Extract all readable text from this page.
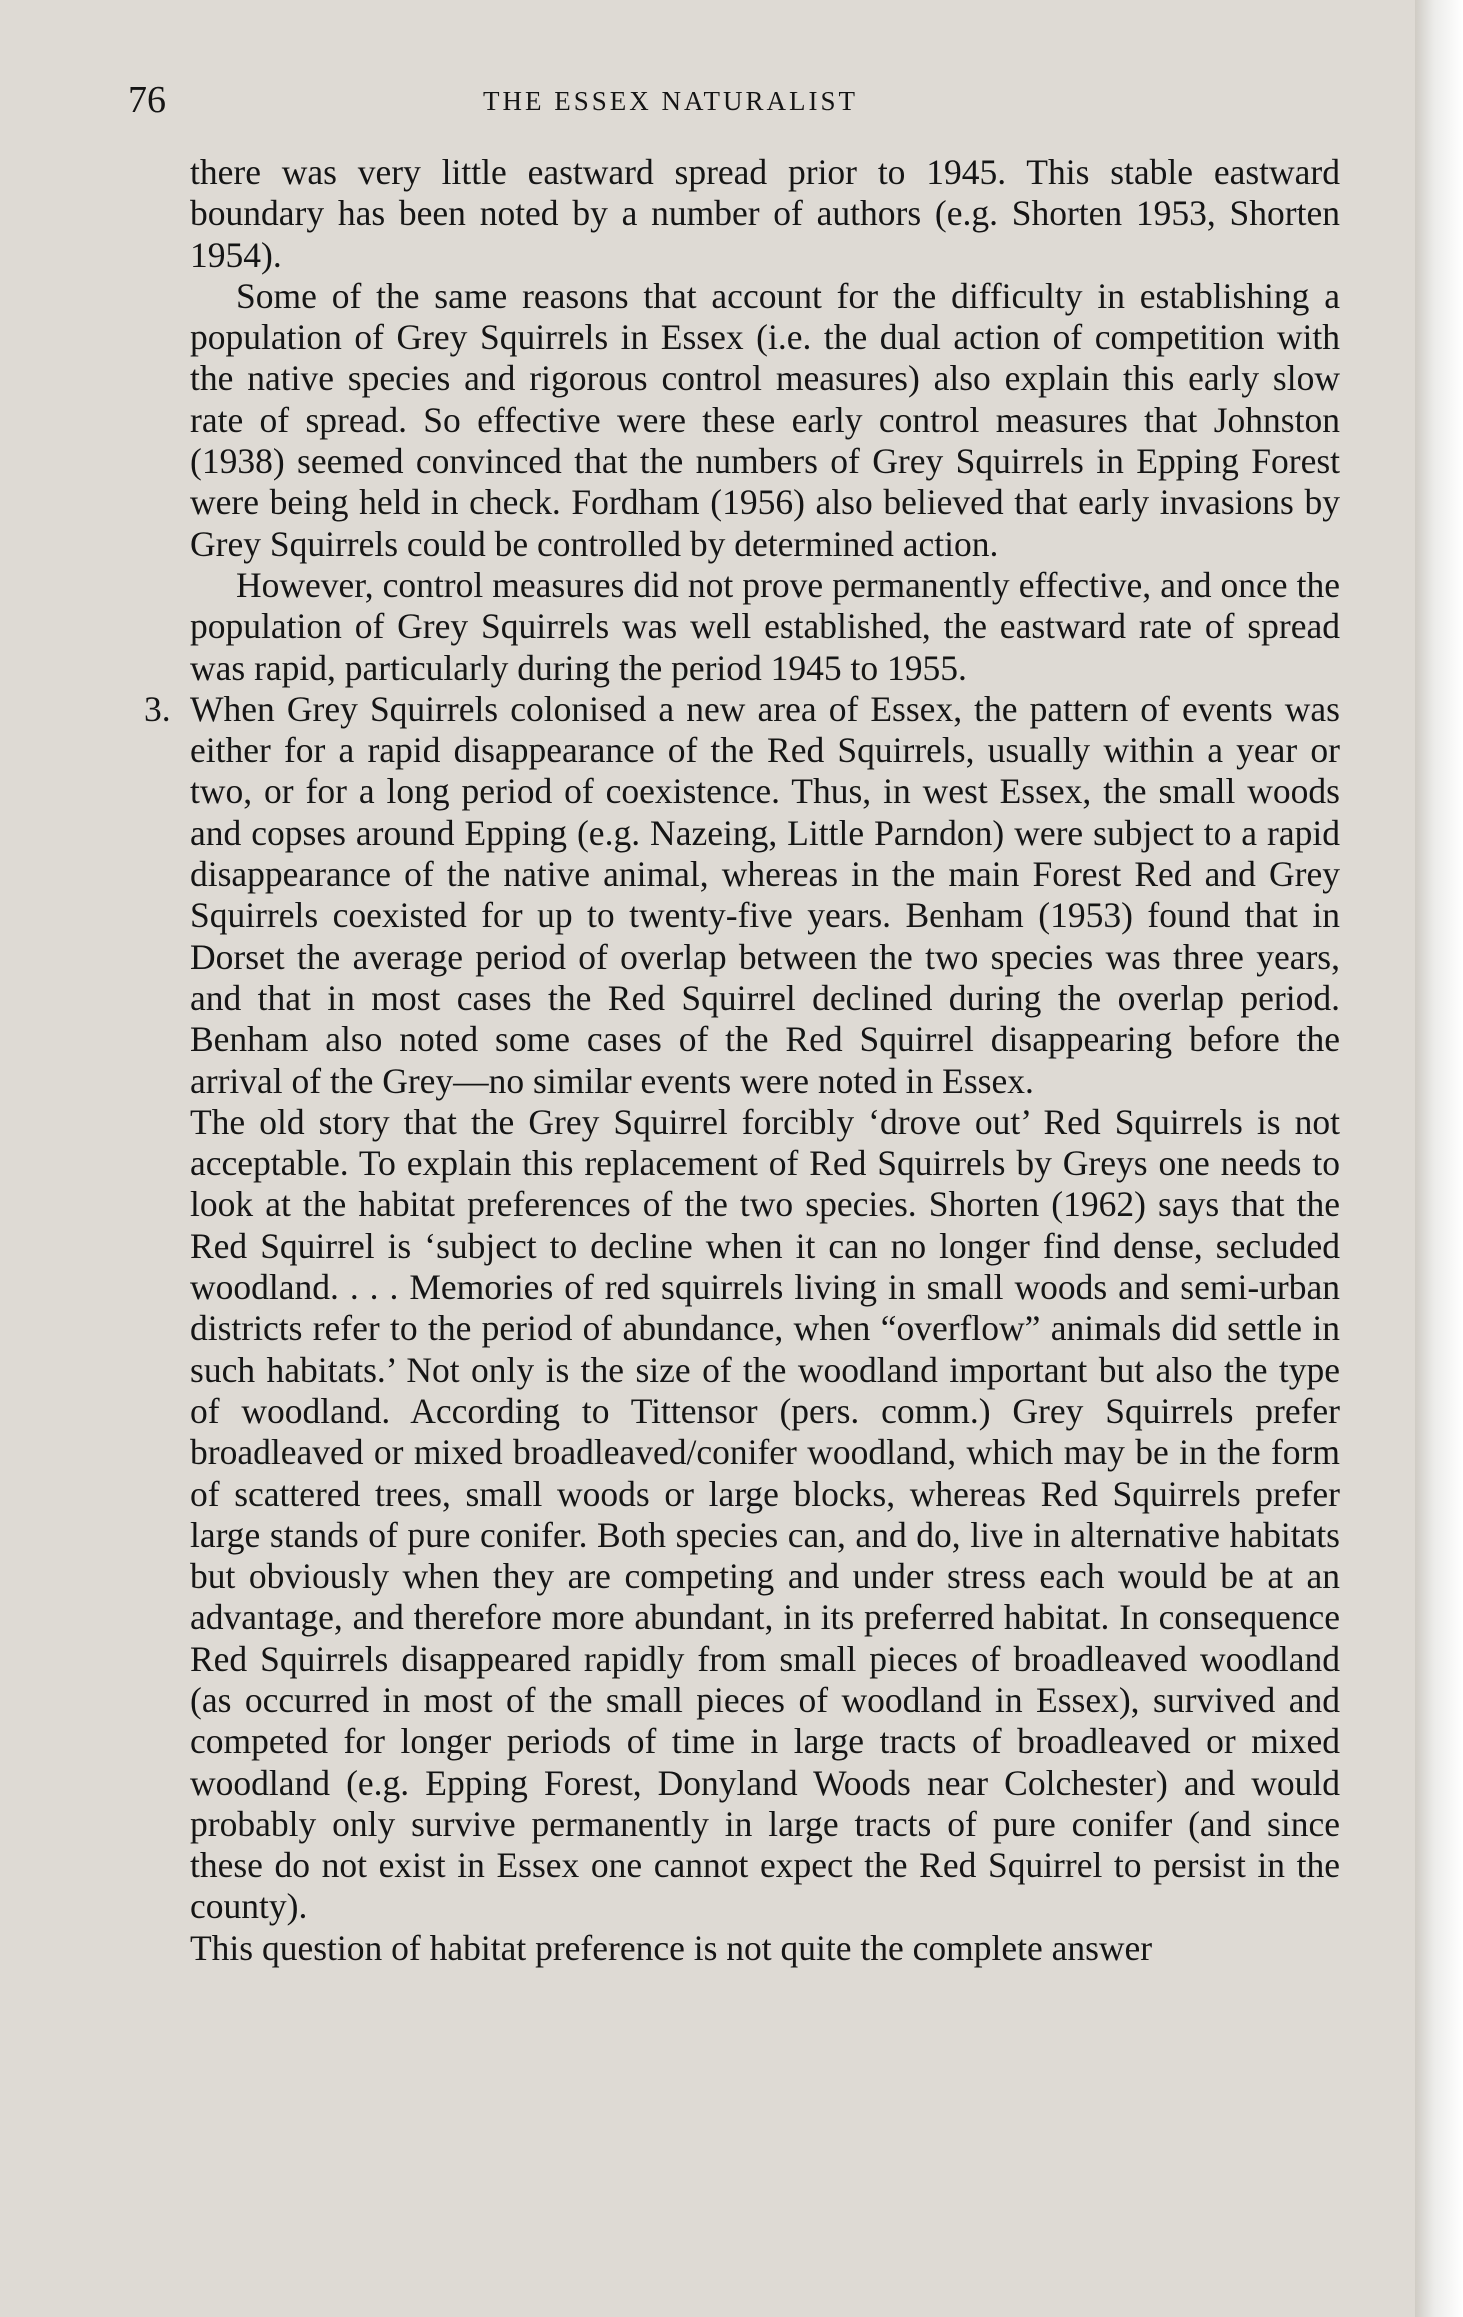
76	THE ESSEX NATURALIST

there was very little eastward spread prior to 1945. This stable eastward boundary has been noted by a number of authors (e.g. Shorten 1953, Shorten 1954).

Some of the same reasons that account for the difficulty in establishing a population of Grey Squirrels in Essex (i.e. the dual action of competition with the native species and rigorous control measures) also explain this early slow rate of spread. So effective were these early control measures that Johnston (1938) seemed convinced that the numbers of Grey Squirrels in Epping Forest were being held in check. Fordham (1956) also believed that early invasions by Grey Squirrels could be controlled by determined action.

However, control measures did not prove permanently effective, and once the population of Grey Squirrels was well established, the eastward rate of spread was rapid, particularly during the period 1945 to 1955.

3. When Grey Squirrels colonised a new area of Essex, the pattern of events was either for a rapid disappearance of the Red Squirrels, usually within a year or two, or for a long period of coexistence. Thus, in west Essex, the small woods and copses around Epping (e.g. Nazeing, Little Parndon) were subject to a rapid disappearance of the native animal, whereas in the main Forest Red and Grey Squirrels coexisted for up to twenty-five years. Benham (1953) found that in Dorset the average period of overlap between the two species was three years, and that in most cases the Red Squirrel declined during the overlap period. Benham also noted some cases of the Red Squirrel disappearing before the arrival of the Grey—no similar events were noted in Essex.

The old story that the Grey Squirrel forcibly ‘drove out’ Red Squirrels is not acceptable. To explain this replacement of Red Squirrels by Greys one needs to look at the habitat preferences of the two species. Shorten (1962) says that the Red Squirrel is ‘subject to decline when it can no longer find dense, secluded woodland. . . . Memories of red squirrels living in small woods and semi-urban districts refer to the period of abundance, when “overflow” animals did settle in such habitats.’ Not only is the size of the woodland important but also the type of woodland. According to Tittensor (pers. comm.) Grey Squirrels prefer broadleaved or mixed broadleaved/conifer woodland, which may be in the form of scattered trees, small woods or large blocks, whereas Red Squirrels prefer large stands of pure conifer. Both species can, and do, live in alternative habitats but obviously when they are competing and under stress each would be at an advantage, and therefore more abundant, in its preferred habitat. In consequence Red Squirrels disappeared rapidly from small pieces of broadleaved woodland (as occurred in most of the small pieces of woodland in Essex), survived and competed for longer periods of time in large tracts of broadleaved or mixed woodland (e.g. Epping Forest, Donyland Woods near Colchester) and would probably only survive permanently in large tracts of pure conifer (and since these do not exist in Essex one cannot expect the Red Squirrel to persist in the county).

This question of habitat preference is not quite the complete answer
